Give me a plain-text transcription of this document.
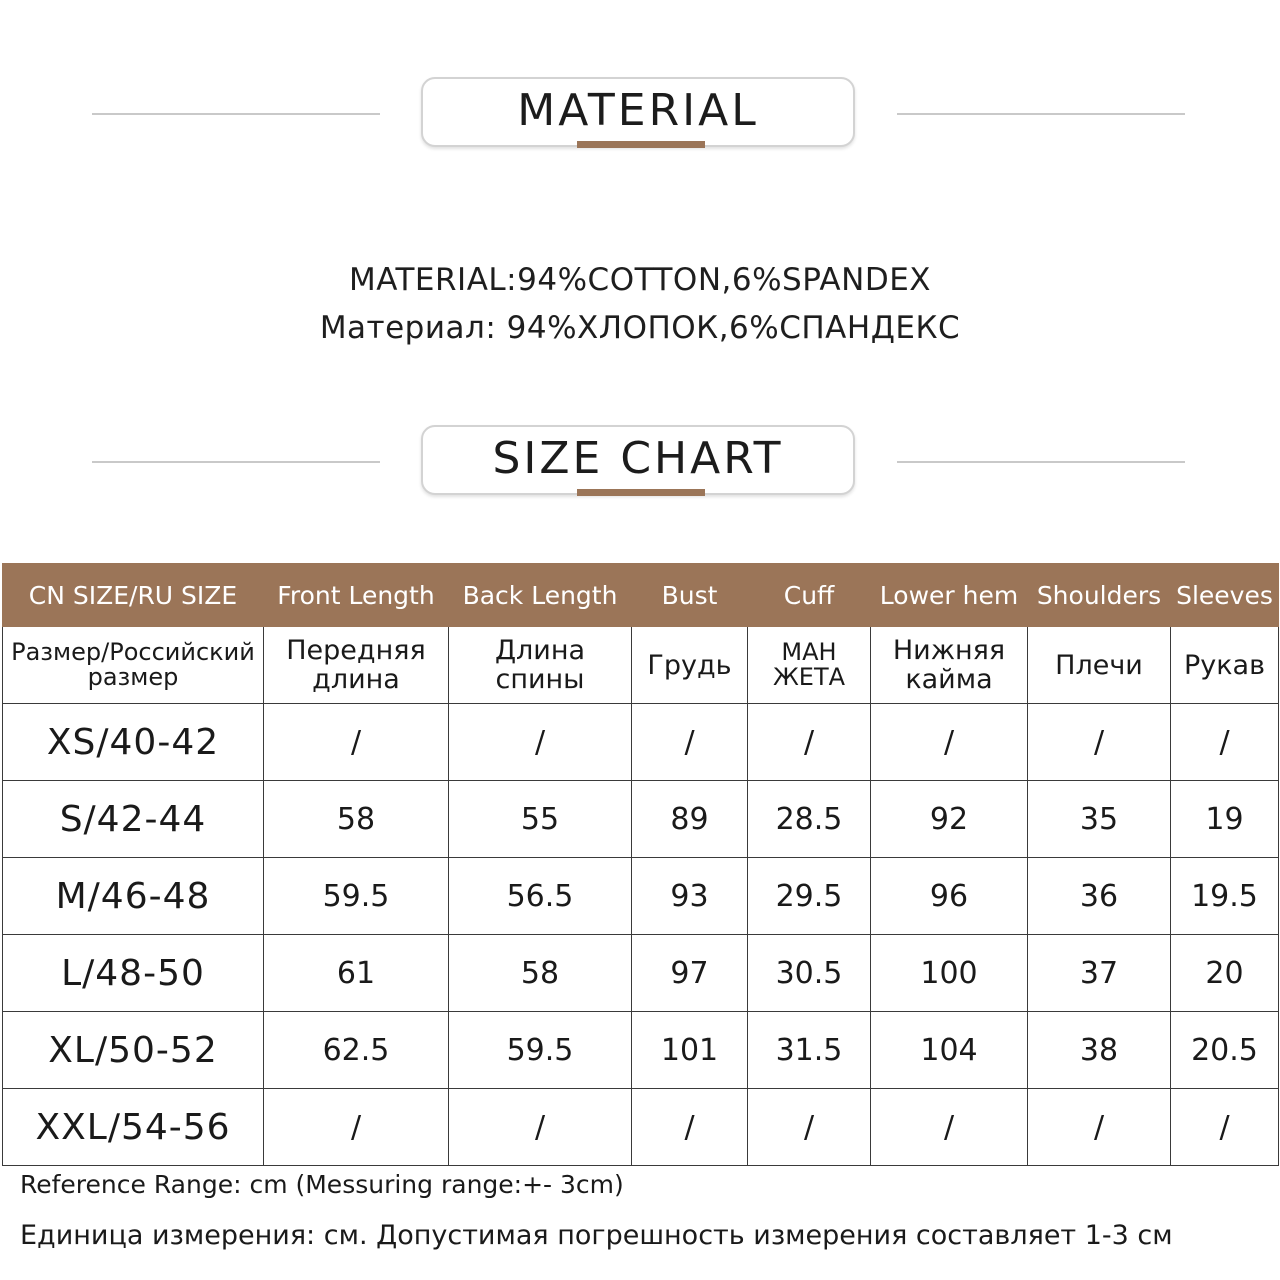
MATERIAL
MATERIAL:94%COTTON,6%SPANDEX
Материал: 94%ХЛОПОК,6%СПАНДЕКС
SIZE CHART
CN SIZE/RU SIZE	Front Length	Back Length	Bust	Cuff	Lower hem	Shoulders	Sleeves
Размер/Российский размер	Передняя длина	Длина спины	Грудь	МАН ЖЕТА	Нижняя кайма	Плечи	Рукав
XS/40-42	/	/	/	/	/	/	/
S/42-44	58	55	89	28.5	92	35	19
M/46-48	59.5	56.5	93	29.5	96	36	19.5
L/48-50	61	58	97	30.5	100	37	20
XL/50-52	62.5	59.5	101	31.5	104	38	20.5
XXL/54-56	/	/	/	/	/	/	/
Reference Range: cm (Messuring range:+- 3cm)
Единица измерения: см. Допустимая погрешность измерения составляет 1-3 см
